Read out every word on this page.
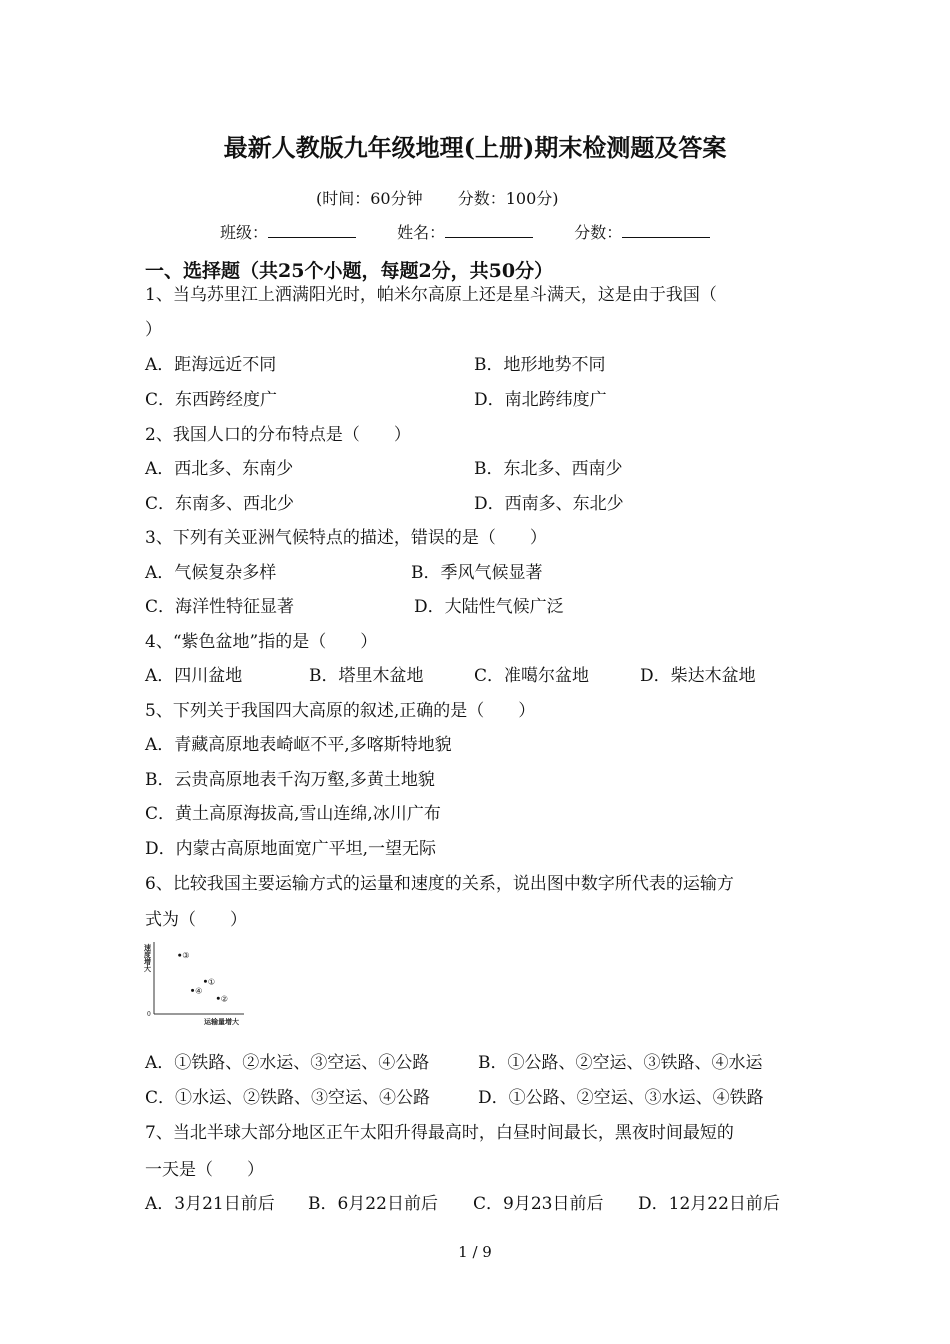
最新人教版九年级地理(上册)期末检测题及答案
(时间：60分钟 分数：100分)
班级：	姓名：	分数：
一、选择题（共25个小题，每题2分，共50分）
1、当乌苏里江上洒满阳光时，帕米尔高原上还是星斗满天，这是由于我国（
）
A．距海远近不同	B．地形地势不同
C．东西跨经度广	D．南北跨纬度广
2、我国人口的分布特点是（　　）
A．西北多、东南少	B．东北多、西南少
C．东南多、西北少	D．西南多、东北少
3、下列有关亚洲气候特点的描述，错误的是（　　）
A．气候复杂多样	B．季风气候显著
C．海洋性特征显著	D．大陆性气候广泛
4、“紫色盆地”指的是（　　）
A．四川盆地	B．塔里木盆地	C．准噶尔盆地	D．柴达木盆地
5、下列关于我国四大高原的叙述,正确的是（　　）
A．青藏高原地表崎岖不平,多喀斯特地貌
B．云贵高原地表千沟万壑,多黄土地貌
C．黄土高原海拔高,雪山连绵,冰川广布
D．内蒙古高原地面宽广平坦,一望无际
6、比较我国主要运输方式的运量和速度的关系，说出图中数字所代表的运输方
式为（　　）
速度增大
运输量增大
0
①
③
②
④
A．①铁路、②水运、③空运、④公路	B．①公路、②空运、③铁路、④水运
C．①水运、②铁路、③空运、④公路	D．①公路、②空运、③水运、④铁路
7、当北半球大部分地区正午太阳升得最高时，白昼时间最长，黑夜时间最短的
一天是（　　）
A．3月21日前后 B．6月22日前后 C．9月23日前后 D．12月22日前后
1 / 9
